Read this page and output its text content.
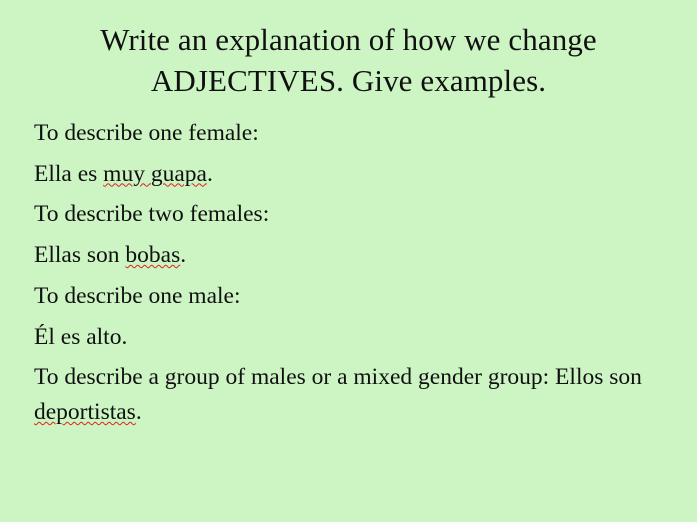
Write an explanation of how we change ADJECTIVES. Give examples.

To describe one female:

Ella es muy guapa.

To describe two females:

Ellas son bobas.

To describe one male:

Él es alto.

To describe a group of males or a mixed gender group: Ellos son deportistas.
